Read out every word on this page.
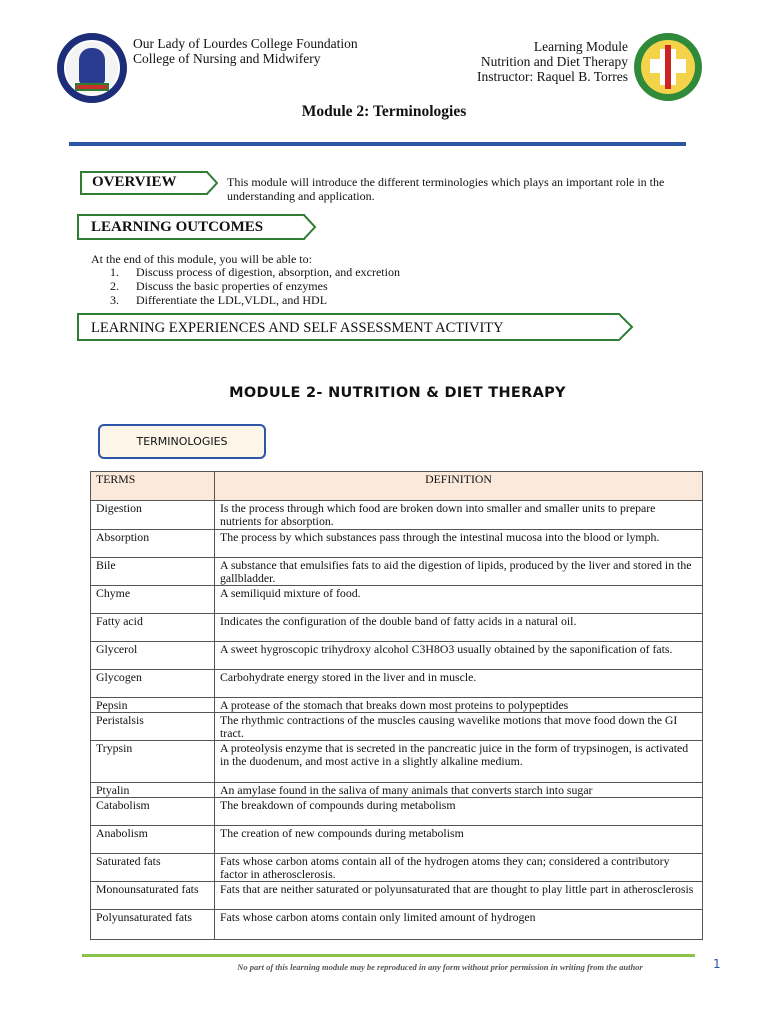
Our Lady of Lourdes College Foundation
College of Nursing and Midwifery
Learning Module
Nutrition and Diet Therapy
Instructor: Raquel B. Torres
Module 2: Terminologies
OVERVIEW	This module will introduce the different terminologies which plays an important role in the understanding and application.
LEARNING OUTCOMES
At the end of this module, you will be able to:
1. Discuss process of digestion, absorption, and excretion
2. Discuss the basic properties of enzymes
3. Differentiate the LDL,VLDL, and HDL
LEARNING EXPERIENCES AND SELF ASSESSMENT ACTIVITY
MODULE 2- NUTRITION & DIET THERAPY
TERMINOLOGIES
TERMS	DEFINITION
Digestion	Is the process through which food are broken down into smaller and smaller units to prepare nutrients for absorption.
Absorption	The process by which substances pass through the intestinal mucosa into the blood or lymph.
Bile	A substance that emulsifies fats to aid the digestion of lipids, produced by the liver and stored in the gallbladder.
Chyme	A semiliquid mixture of food.
Fatty acid	Indicates the configuration of the double band of fatty acids in a natural oil.
Glycerol	A sweet hygroscopic trihydroxy alcohol C3H8O3 usually obtained by the saponification of fats.
Glycogen	Carbohydrate energy stored in the liver and in muscle.
Pepsin	A protease of the stomach that breaks down most proteins to polypeptides
Peristalsis	The rhythmic contractions of the muscles causing wavelike motions that move food down the GI tract.
Trypsin	A proteolysis enzyme that is secreted in the pancreatic juice in the form of trypsinogen, is activated in the duodenum, and most active in a slightly alkaline medium.
Ptyalin	An amylase found in the saliva of many animals that converts starch into sugar
Catabolism	The breakdown of compounds during metabolism
Anabolism	The creation of new compounds during metabolism
Saturated fats	Fats whose carbon atoms contain all of the hydrogen atoms they can; considered a contributory factor in atherosclerosis.
Monounsaturated fats	Fats that are neither saturated or polyunsaturated that are thought to play little part in atherosclerosis
Polyunsaturated fats	Fats whose carbon atoms contain only limited amount of hydrogen
No part of this learning module may be reproduced in any form without prior permission in writing from the author	1
